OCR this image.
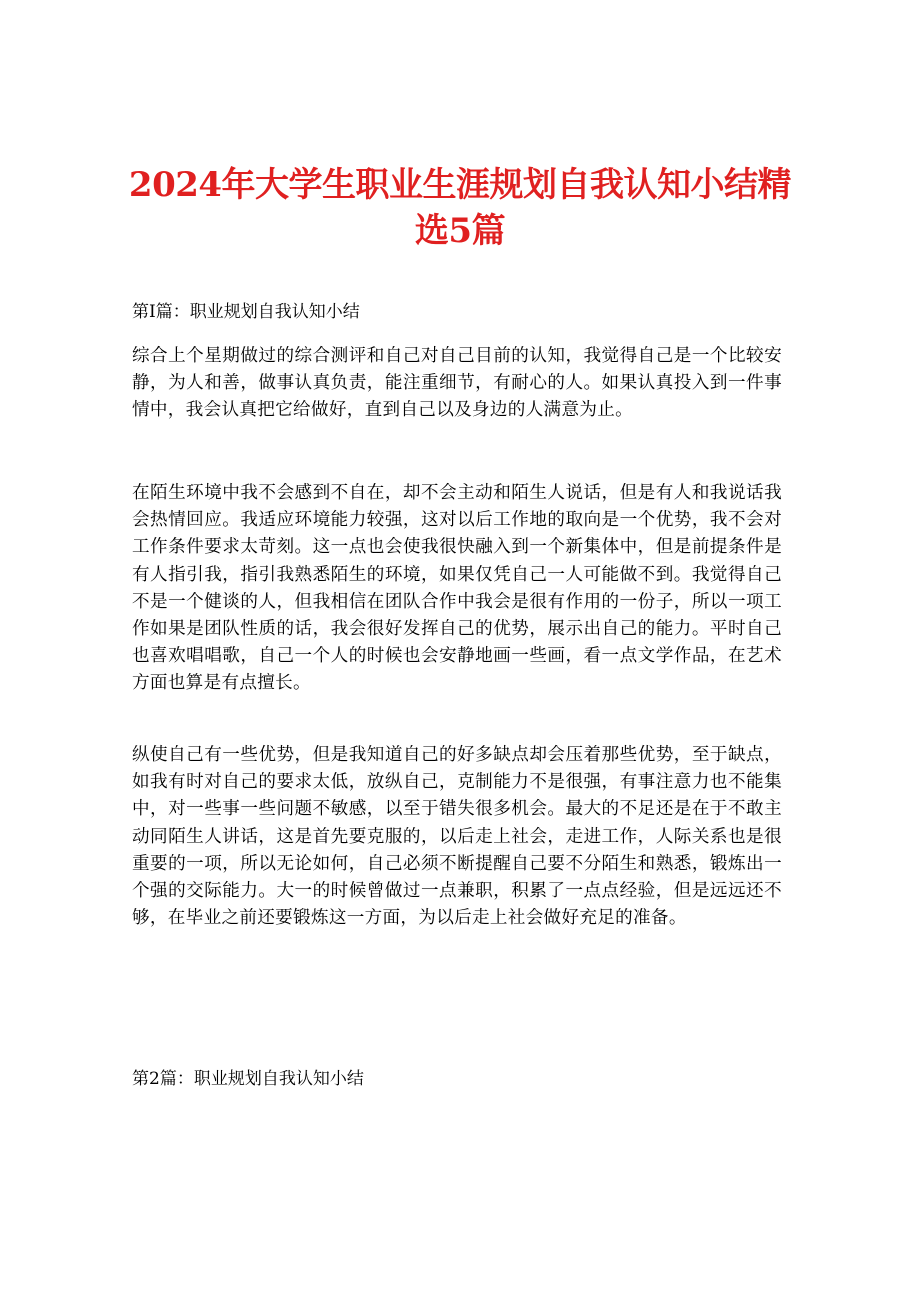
2024年大学生职业生涯规划自我认知小结精选5篇
第I篇：职业规划自我认知小结

综合上个星期做过的综合测评和自己对自己目前的认知，我觉得自己是一个比较安静，为人和善，做事认真负责，能注重细节，有耐心的人。如果认真投入到一件事情中，我会认真把它给做好，直到自己以及身边的人满意为止。

在陌生环境中我不会感到不自在，却不会主动和陌生人说话，但是有人和我说话我会热情回应。我适应环境能力较强，这对以后工作地的取向是一个优势，我不会对工作条件要求太苛刻。这一点也会使我很快融入到一个新集体中，但是前提条件是有人指引我，指引我熟悉陌生的环境，如果仅凭自己一人可能做不到。我觉得自己不是一个健谈的人，但我相信在团队合作中我会是很有作用的一份子，所以一项工作如果是团队性质的话，我会很好发挥自己的优势，展示出自己的能力。平时自己也喜欢唱唱歌，自己一个人的时候也会安静地画一些画，看一点文学作品，在艺术方面也算是有点擅长。

纵使自己有一些优势，但是我知道自己的好多缺点却会压着那些优势，至于缺点，如我有时对自己的要求太低，放纵自己，克制能力不是很强，有事注意力也不能集中，对一些事一些问题不敏感，以至于错失很多机会。最大的不足还是在于不敢主动同陌生人讲话，这是首先要克服的，以后走上社会，走进工作，人际关系也是很重要的一项，所以无论如何，自己必须不断提醒自己要不分陌生和熟悉，锻炼出一个强的交际能力。大一的时候曾做过一点兼职，积累了一点点经验，但是远远还不够，在毕业之前还要锻炼这一方面，为以后走上社会做好充足的准备。

第2篇：职业规划自我认知小结
